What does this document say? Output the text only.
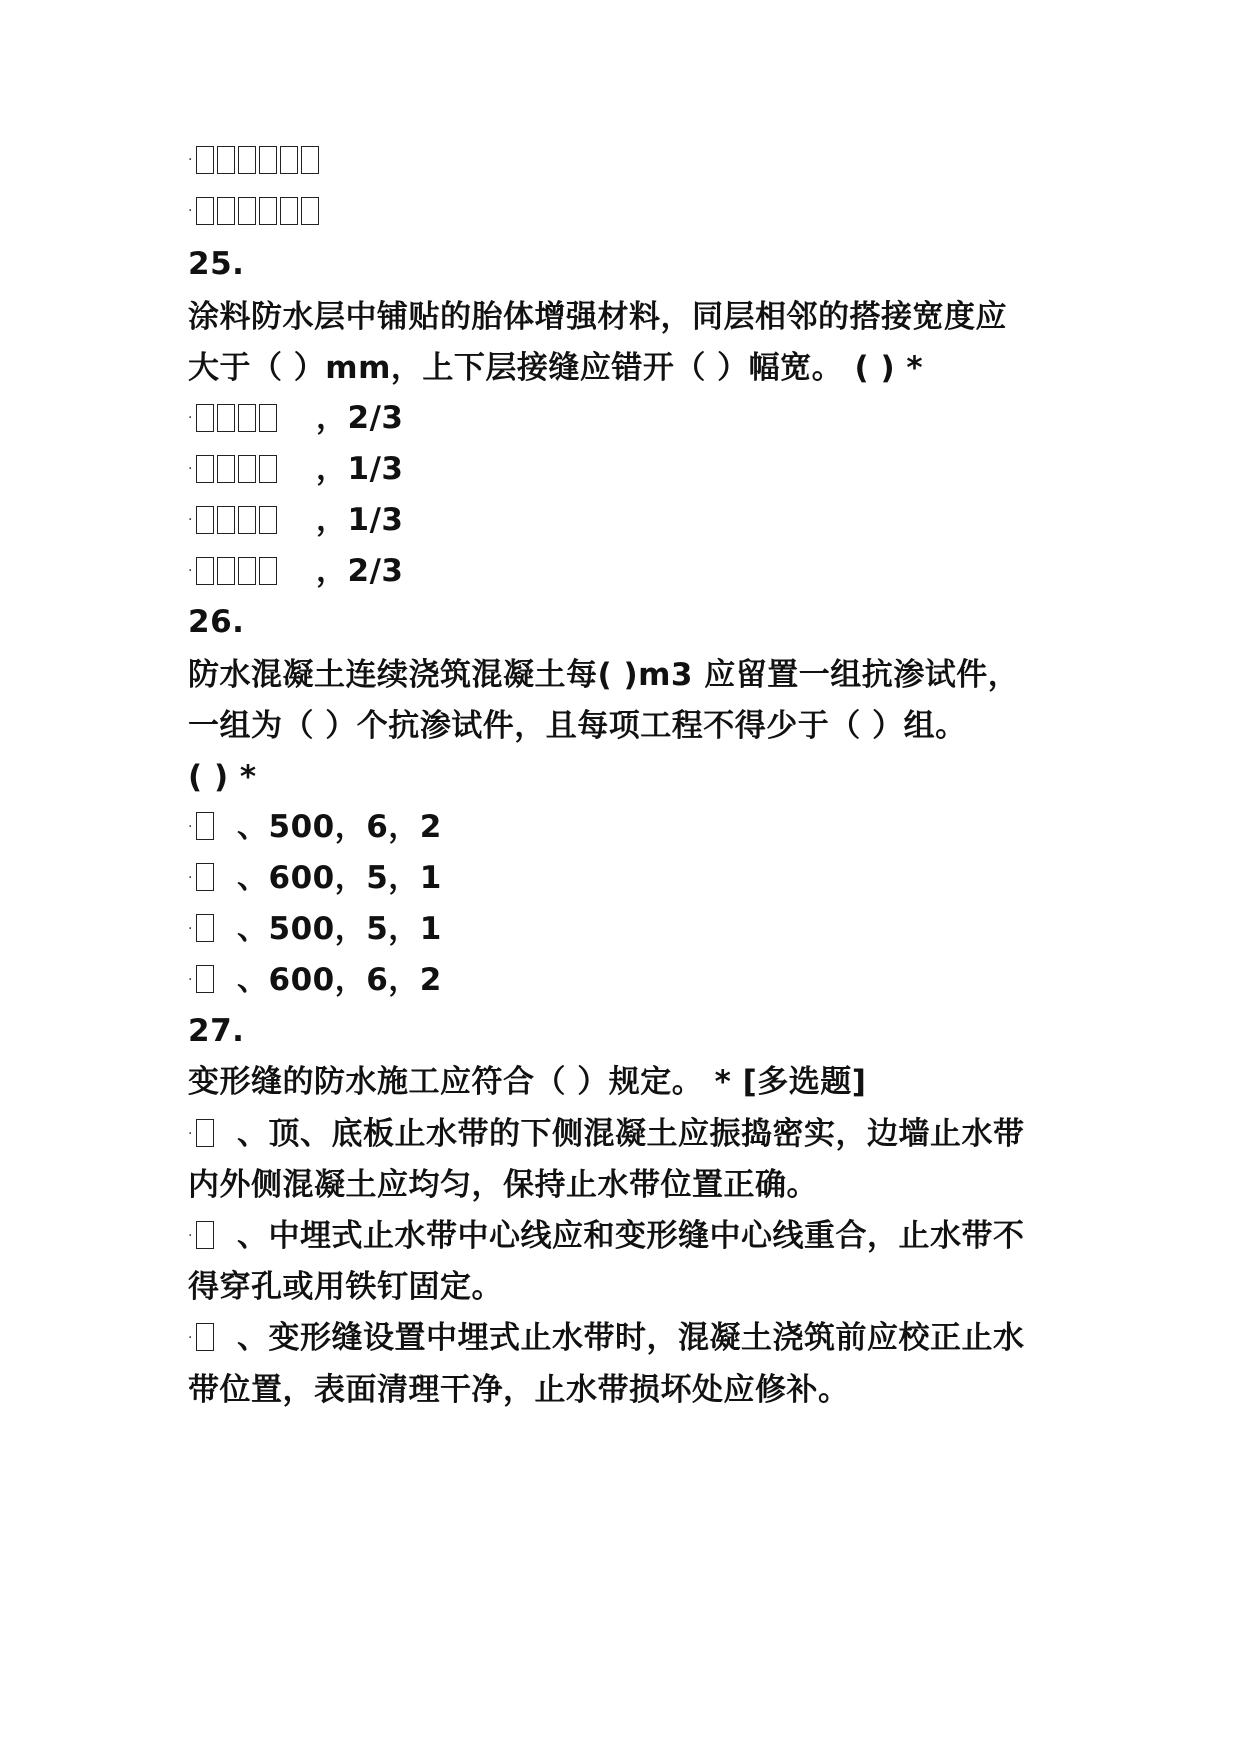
·
·
25.
涂料防水层中铺贴的胎体增强材料，同层相邻的搭接宽度应
大于（ ）mm，上下层接缝应错开（ ）幅宽。 ( ) *
·	，2/3
·	，1/3
·	，1/3
·	，2/3
26.
防水混凝土连续浇筑混凝土每( )m3 应留置一组抗渗试件，
一组为（ ）个抗渗试件，且每项工程不得少于（ ）组。
( ) *
· 、500，6，2
· 、600，5，1
· 、500，5，1
· 、600，6，2
27.
变形缝的防水施工应符合（ ）规定。 * [多选题]
· 、顶、底板止水带的下侧混凝土应振捣密实，边墙止水带
内外侧混凝土应均匀，保持止水带位置正确。
· 、中埋式止水带中心线应和变形缝中心线重合，止水带不
得穿孔或用铁钉固定。
· 、变形缝设置中埋式止水带时，混凝土浇筑前应校正止水
带位置，表面清理干净，止水带损坏处应修补。
